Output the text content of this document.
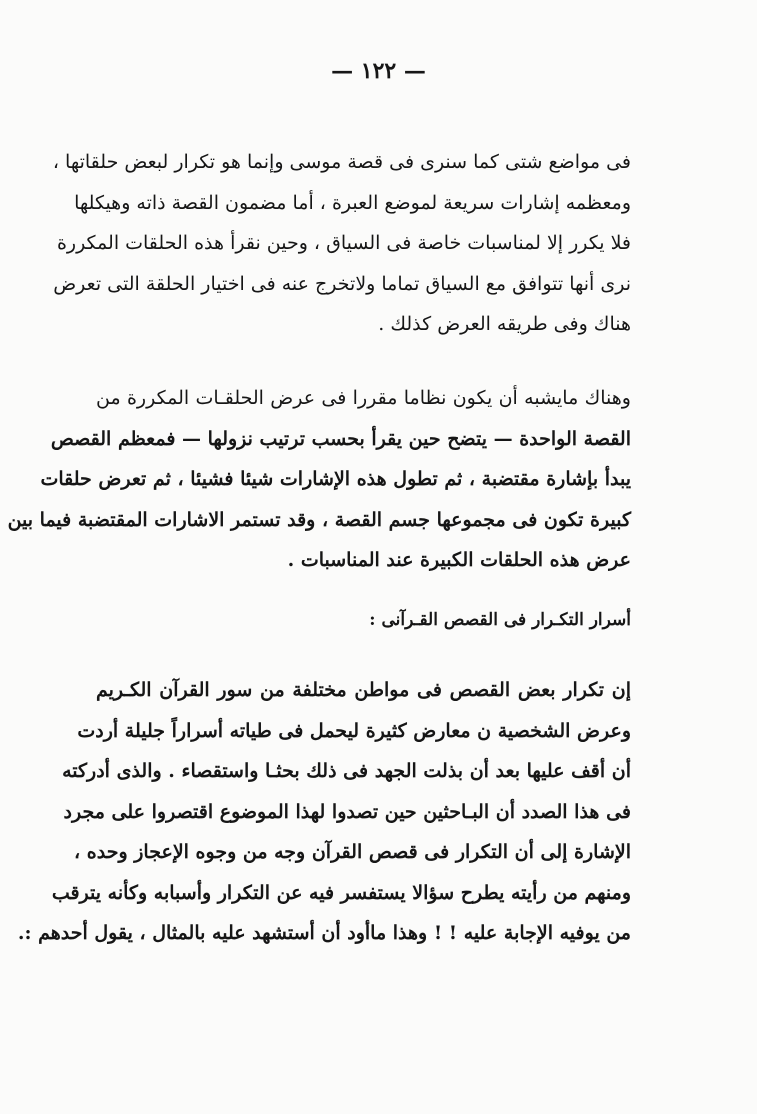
— ١٢٢ —
فى مواضع شتى كما سنرى فى قصة موسى وإنما هو تكرار لبعض حلقاتها ،
ومعظمه إشارات سريعة لموضع العبرة ، أما مضمون القصة ذاته وهيكلها
فلا يكرر إلا لمناسبات خاصة فى السياق ، وحين نقرأ هذه الحلقات المكررة
نرى أنها تتوافق مع السياق تماما ولاتخرج عنه فى اختيار الحلقة التى تعرض
هناك وفى طريقه العرض كذلك .
وهناك مايشبه أن يكون نظاما مقررا فى عرض الحلقـات المكررة من
القصة الواحدة — يتضح حين يقرأ بحسب ترتيب نزولها — فمعظم القصص
يبدأ بإشارة مقتضبة ، ثم تطول هذه الإشارات شيئا فشيئا ، ثم تعرض حلقات
كبيرة تكون فى مجموعها جسم القصة ، وقد تستمر الاشارات المقتضبة فيما بين
عرض هذه الحلقات الكبيرة عند المناسبات .
أسرار التكـرار فى القصص القـرآنى :
إن تكرار بعض القصص فى مواطن مختلفة من سور القرآن الكـريم
وعرض الشخصية ن معارض كثيرة ليحمل فى طياته أسراراً جليلة أردت
أن أقف عليها بعد أن بذلت الجهد فى ذلك بحثـا واستقصاء . والذى أدركته
فى هذا الصدد أن البـاحثين حين تصدوا لهذا الموضوع اقتصروا على مجرد
الإشارة إلى أن التكرار فى قصص القرآن وجه من وجوه الإعجاز وحده ،
ومنهم من رأيته يطرح سؤالا يستفسر فيه عن التكرار وأسبابه وكأنه يترقب
من يوفيه الإجابة عليه ! ! وهذا ماأود أن أستشهد عليه بالمثال ، يقول أحدهم :.
